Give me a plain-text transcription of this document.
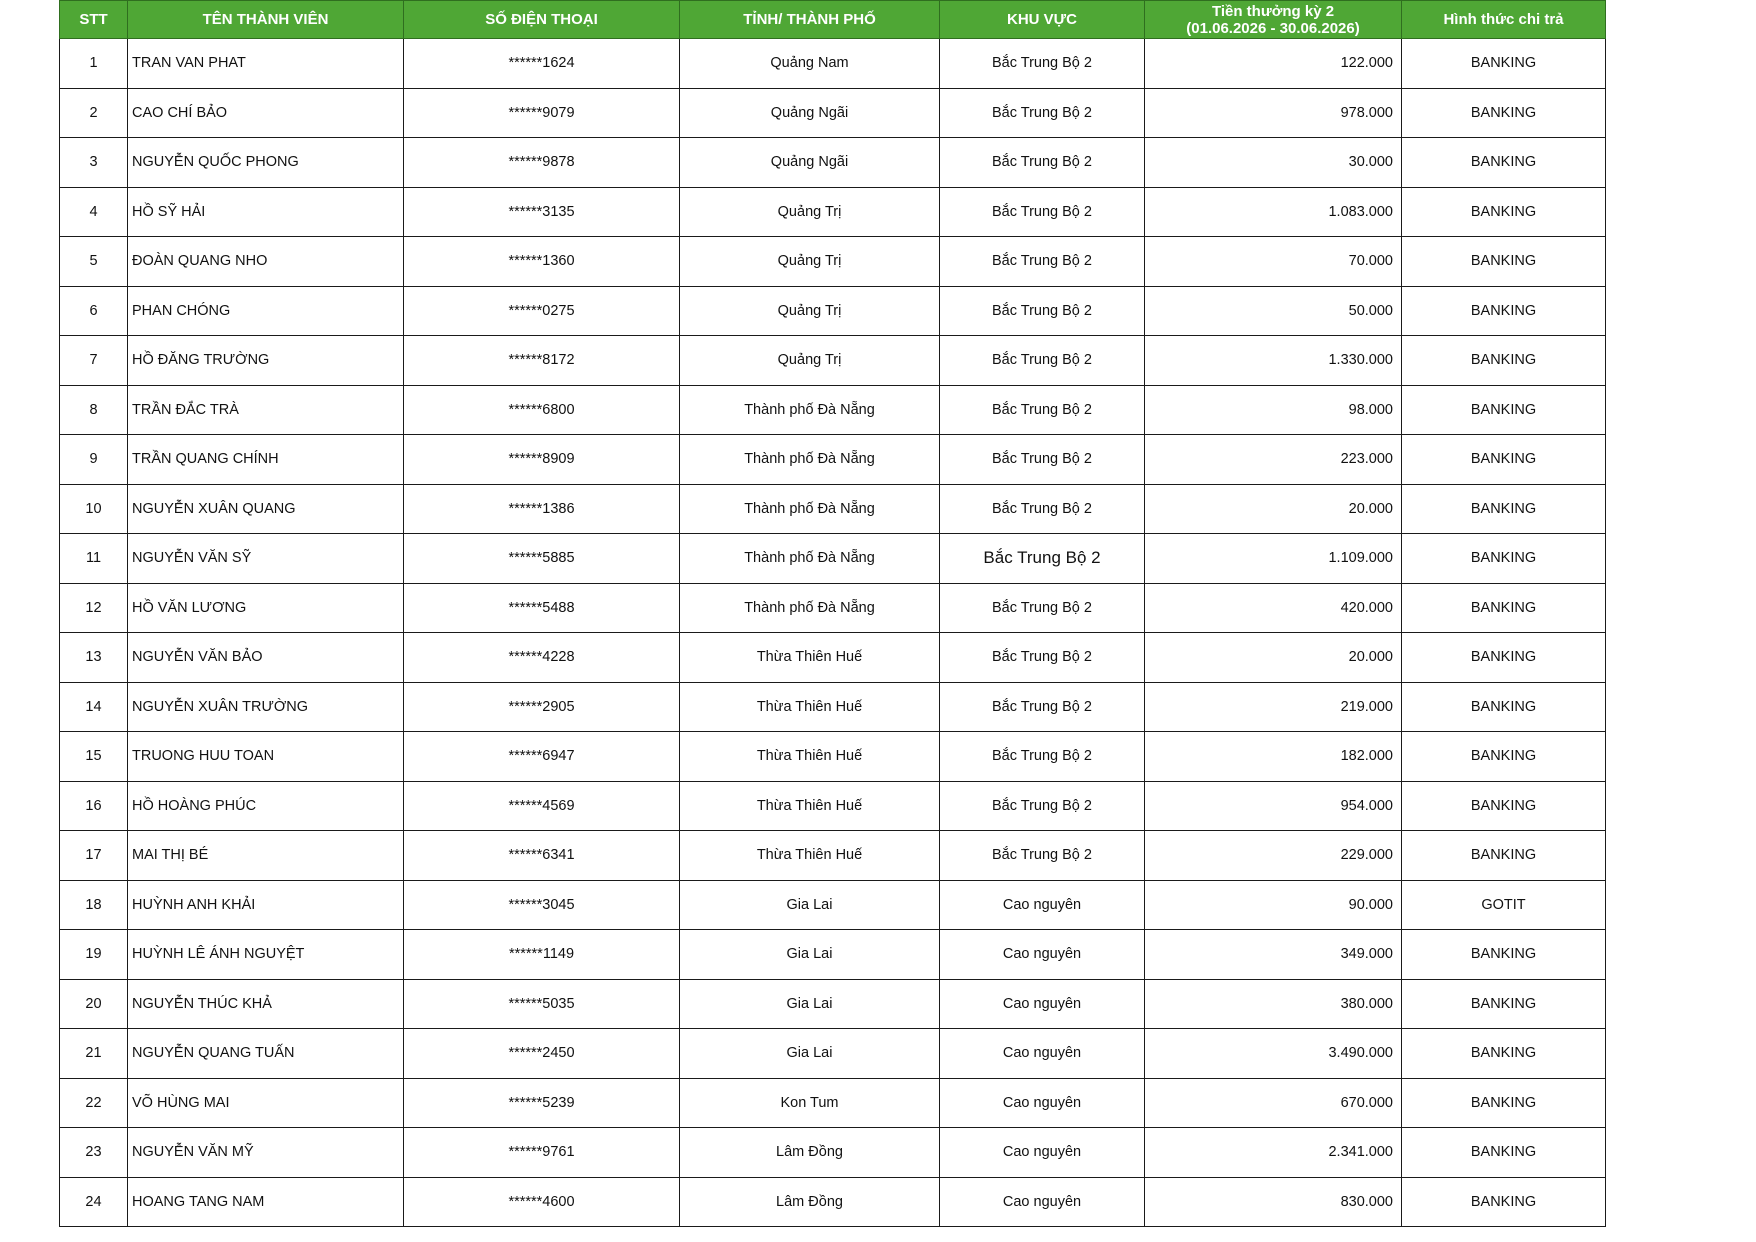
STT	TÊN THÀNH VIÊN	SỐ ĐIỆN THOẠI	TỈNH/ THÀNH PHỐ	KHU VỰC	Tiền thưởng kỳ 2
(01.06.2026 - 30.06.2026)	Hình thức chi trả
1	TRAN VAN PHAT	******1624	Quảng Nam	Bắc Trung Bộ 2	122.000	BANKING
2	CAO CHÍ BẢO	******9079	Quảng Ngãi	Bắc Trung Bộ 2	978.000	BANKING
3	NGUYỄN QUỐC PHONG	******9878	Quảng Ngãi	Bắc Trung Bộ 2	30.000	BANKING
4	HỒ SỸ HẢI	******3135	Quảng Trị	Bắc Trung Bộ 2	1.083.000	BANKING
5	ĐOÀN QUANG NHO	******1360	Quảng Trị	Bắc Trung Bộ 2	70.000	BANKING
6	PHAN CHÓNG	******0275	Quảng Trị	Bắc Trung Bộ 2	50.000	BANKING
7	HỒ ĐĂNG TRƯỜNG	******8172	Quảng Trị	Bắc Trung Bộ 2	1.330.000	BANKING
8	TRẦN ĐẮC TRÀ	******6800	Thành phố Đà Nẵng	Bắc Trung Bộ 2	98.000	BANKING
9	TRẦN QUANG CHÍNH	******8909	Thành phố Đà Nẵng	Bắc Trung Bộ 2	223.000	BANKING
10	NGUYỄN XUÂN QUANG	******1386	Thành phố Đà Nẵng	Bắc Trung Bộ 2	20.000	BANKING
11	NGUYỄN VĂN SỸ	******5885	Thành phố Đà Nẵng	Bắc Trung Bộ 2	1.109.000	BANKING
12	HỒ VĂN LƯƠNG	******5488	Thành phố Đà Nẵng	Bắc Trung Bộ 2	420.000	BANKING
13	NGUYỄN VĂN BẢO	******4228	Thừa Thiên Huế	Bắc Trung Bộ 2	20.000	BANKING
14	NGUYỄN XUÂN TRƯỜNG	******2905	Thừa Thiên Huế	Bắc Trung Bộ 2	219.000	BANKING
15	TRUONG HUU TOAN	******6947	Thừa Thiên Huế	Bắc Trung Bộ 2	182.000	BANKING
16	HỒ HOÀNG PHÚC	******4569	Thừa Thiên Huế	Bắc Trung Bộ 2	954.000	BANKING
17	MAI THỊ BÉ	******6341	Thừa Thiên Huế	Bắc Trung Bộ 2	229.000	BANKING
18	HUỲNH ANH KHẢI	******3045	Gia Lai	Cao nguyên	90.000	GOTIT
19	HUỲNH LÊ ÁNH NGUYỆT	******1149	Gia Lai	Cao nguyên	349.000	BANKING
20	NGUYỄN THÚC KHẢ	******5035	Gia Lai	Cao nguyên	380.000	BANKING
21	NGUYỄN QUANG TUẤN	******2450	Gia Lai	Cao nguyên	3.490.000	BANKING
22	VÕ HÙNG MAI	******5239	Kon Tum	Cao nguyên	670.000	BANKING
23	NGUYỄN VĂN MỸ	******9761	Lâm Đồng	Cao nguyên	2.341.000	BANKING
24	HOANG TANG NAM	******4600	Lâm Đồng	Cao nguyên	830.000	BANKING
